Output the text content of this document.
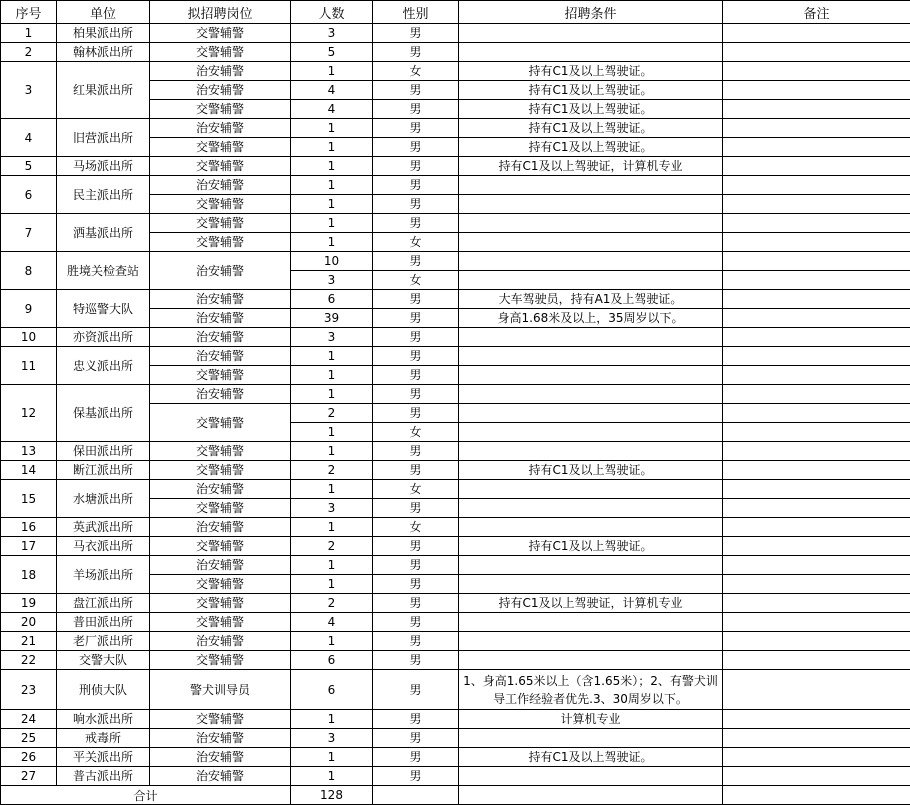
序号	单位	拟招聘岗位	人数	性别	招聘条件	备注
1	柏果派出所	交警辅警	3	男		
2	翰林派出所	交警辅警	5	男		
3	红果派出所	治安辅警	1	女	持有C1及以上驾驶证。	
		治安辅警	4	男	持有C1及以上驾驶证。	
		交警辅警	4	男	持有C1及以上驾驶证。	
4	旧营派出所	治安辅警	1	男	持有C1及以上驾驶证。	
		交警辅警	1	男	持有C1及以上驾驶证。	
5	马场派出所	交警辅警	1	男	持有C1及以上驾驶证，计算机专业	
6	民主派出所	治安辅警	1	男		
		交警辅警	1	男		
7	洒基派出所	交警辅警	1	男		
		交警辅警	1	女		
8	胜境关检查站	治安辅警	10	男		
			3	女		
9	特巡警大队	治安辅警	6	男	大车驾驶员，持有A1及上驾驶证。	
		治安辅警	39	男	身高1.68米及以上，35周岁以下。	
10	亦资派出所	治安辅警	3	男		
11	忠义派出所	治安辅警	1	男		
		交警辅警	1	男		
12	保基派出所	治安辅警	1	男		
		交警辅警	2	男		
			1	女		
13	保田派出所	交警辅警	1	男		
14	断江派出所	交警辅警	2	男	持有C1及以上驾驶证。	
15	水塘派出所	治安辅警	1	女		
		交警辅警	3	男		
16	英武派出所	治安辅警	1	女		
17	马衣派出所	交警辅警	2	男	持有C1及以上驾驶证。	
18	羊场派出所	治安辅警	1	男		
		交警辅警	1	男		
19	盘江派出所	交警辅警	2	男	持有C1及以上驾驶证，计算机专业	
20	普田派出所	交警辅警	4	男		
21	老厂派出所	治安辅警	1	男		
22	交警大队	交警辅警	6	男		
23	刑侦大队	警犬训导员	6	男	1、身高1.65米以上（含1.65米）；2、有警犬训导工作经验者优先.3、30周岁以下。	
24	响水派出所	交警辅警	1	男	计算机专业	
25	戒毒所	治安辅警	3	男		
26	平关派出所	治安辅警	1	男	持有C1及以上驾驶证。	
27	普古派出所	治安辅警	1	男		
合计			128			
